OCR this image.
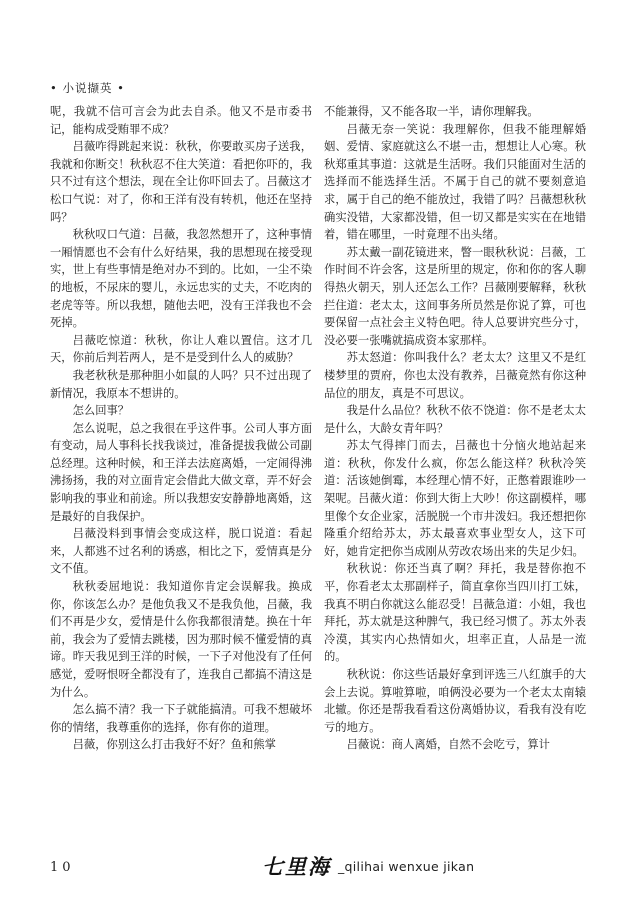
• 小说撷英 •

呢，我就不信可言会为此去自杀。他又不是市委书记，能构成受贿罪不成？

吕薇咋得跳起来说：秋秋，你要敢买房子送我，我就和你断交！秋秋忍不住大笑道：看把你吓的，我只不过有这个想法，现在全让你吓回去了。吕薇这才松口气说：对了，你和王洋有没有转机，他还在坚持吗？

秋秋叹口气道：吕薇，我忽然想开了，这种事情一厢情愿也不会有什么好结果，我的思想现在接受现实，世上有些事情是绝对办不到的。比如，一尘不染的地板，不尿床的婴儿，永远忠实的丈夫，不吃肉的老虎等等。所以我想，随他去吧，没有王洋我也不会死掉。

吕薇吃惊道：秋秋，你让人难以置信。这才几天，你前后判若两人，是不是受到什么人的威胁？

我老秋秋是那种胆小如鼠的人吗？只不过出现了新情况，我原本不想讲的。

怎么回事？

怎么说呢，总之我很在乎这件事。公司人事方面有变动，局人事科长找我谈过，准备提拔我做公司副总经理。这种时候，和王洋去法庭离婚，一定闹得沸沸扬扬，我的对立面肯定会借此大做文章，弄不好会影响我的事业和前途。所以我想安安静静地离婚，这是最好的自我保护。

吕薇没料到事情会变成这样，脱口说道：看起来，人都逃不过名利的诱惑，相比之下，爱情真是分文不值。

秋秋委屈地说：我知道你肯定会误解我。换成你，你该怎么办？是他负我又不是我负他，吕薇，我们不再是少女，爱情是什么你我都很清楚。换在十年前，我会为了爱情去跳楼，因为那时候不懂爱情的真谛。昨天我见到王洋的时候，一下子对他没有了任何感觉，爱呀恨呀全都没有了，连我自己都搞不清这是为什么。

怎么搞不清？我一下子就能搞清。可我不想破坏你的情绪，我尊重你的选择，你有你的道理。

吕薇，你别这么打击我好不好？鱼和熊掌

不能兼得，又不能各取一半，请你理解我。

吕薇无奈一笑说：我理解你，但我不能理解婚姻、爱情、家庭就这么不堪一击，想想让人心寒。秋秋郑重其事道：这就是生活呀。我们只能面对生活的选择而不能选择生活。不属于自己的就不要刻意追求，属于自己的绝不能放过，我错了吗？吕薇想秋秋确实没错，大家都没错，但一切又都是实实在在地错着，错在哪里，一时竟理不出头绪。

苏太戴一副花镜进来，瞥一眼秋秋说：吕薇，工作时间不许会客，这是所里的规定，你和你的客人聊得热火朝天，别人还怎么工作？吕薇刚要解释，秋秋拦住道：老太太，这间事务所员然是你说了算，可也要保留一点社会主义特色吧。待人总要讲究些分寸，没必要一张嘴就搞成资本家那样。

苏太怒道：你叫我什么？老太太？这里又不是红楼梦里的贾府，你也太没有教养，吕薇竟然有你这种品位的朋友，真是不可思议。

我是什么品位？秋秋不依不饶道：你不是老太太是什么，大龄女青年吗？

苏太气得摔门而去，吕薇也十分恼火地站起来道：秋秋，你发什么疯，你怎么能这样？秋秋冷笑道：活该她倒霉，本经理心情不好，正憋着跟谁吵一架呢。吕薇火道：你到大街上大吵！你这副模样，哪里像个女企业家，活脱脱一个市井泼妇。我还想把你隆重介绍给苏太，苏太最喜欢事业型女人，这下可好，她肯定把你当成刚从劳改农场出来的失足少妇。

秋秋说：你还当真了啊？拜托，我是替你抱不平，你看老太太那副样子，简直拿你当四川打工妹，我真不明白你就这么能忍受！吕薇急道：小姐，我也拜托，苏太就是这种脾气，我已经习惯了。苏太外表冷漠，其实内心热情如火，坦率正直，人品是一流的。

秋秋说：你这些话最好拿到评选三八红旗手的大会上去说。算啦算啦，咱俩没必要为一个老太太南辕北辙。你还是帮我看看这份离婚协议，看我有没有吃亏的地方。

吕薇说：商人离婚，自然不会吃亏，算计

10	七里海 _qilihai wenxue jikan
